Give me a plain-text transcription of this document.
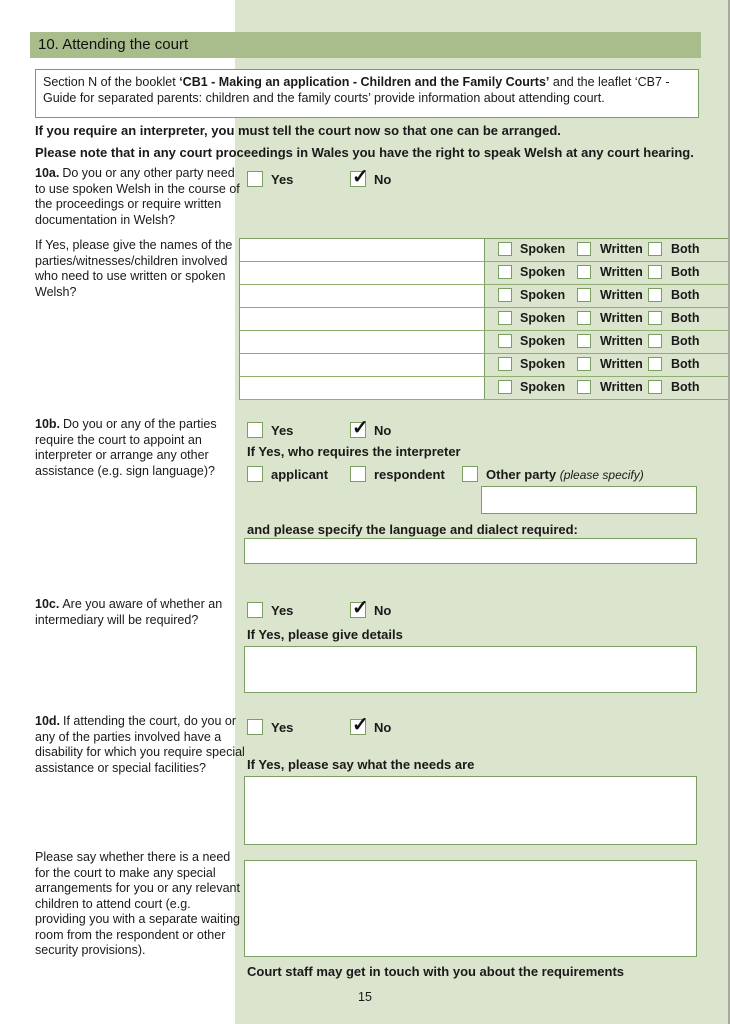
10. Attending the court
Section N of the booklet ‘CB1 - Making an application - Children and the Family Courts’ and the leaflet ‘CB7 - Guide for separated parents: children and the family courts’ provide information about attending court.
If you require an interpreter, you must tell the court now so that one can be arranged.
Please note that in any court proceedings in Wales you have the right to speak Welsh at any court hearing.
10a. Do you or any other party need to use spoken Welsh in the course of the proceedings or require written documentation in Welsh?
Yes ✓	No
If Yes, please give the names of the parties/witnesses/children involved who need to use written or spoken Welsh?
Spoken	Written Both
Spoken	Written Both
Spoken	Written Both
Spoken	Written Both
Spoken	Written Both
Spoken	Written Both
Spoken	Written Both
10b. Do you or any of the parties require the court to appoint an interpreter or arrange any other assistance (e.g. sign language)?
Yes ✓	No
If Yes, who requires the interpreter
applicant	respondent	Other party (please specify)
and please specify the language and dialect required:
10c. Are you aware of whether an intermediary will be required?
Yes ✓	No
If Yes, please give details
10d. If attending the court, do you or any of the parties involved have a disability for which you require special assistance or special facilities?
Yes ✓	No
If Yes, please say what the needs are
Please say whether there is a need for the court to make any special arrangements for you or any relevant children to attend court (e.g. providing you with a separate waiting room from the respondent or other security provisions).
Court staff may get in touch with you about the requirements
15
